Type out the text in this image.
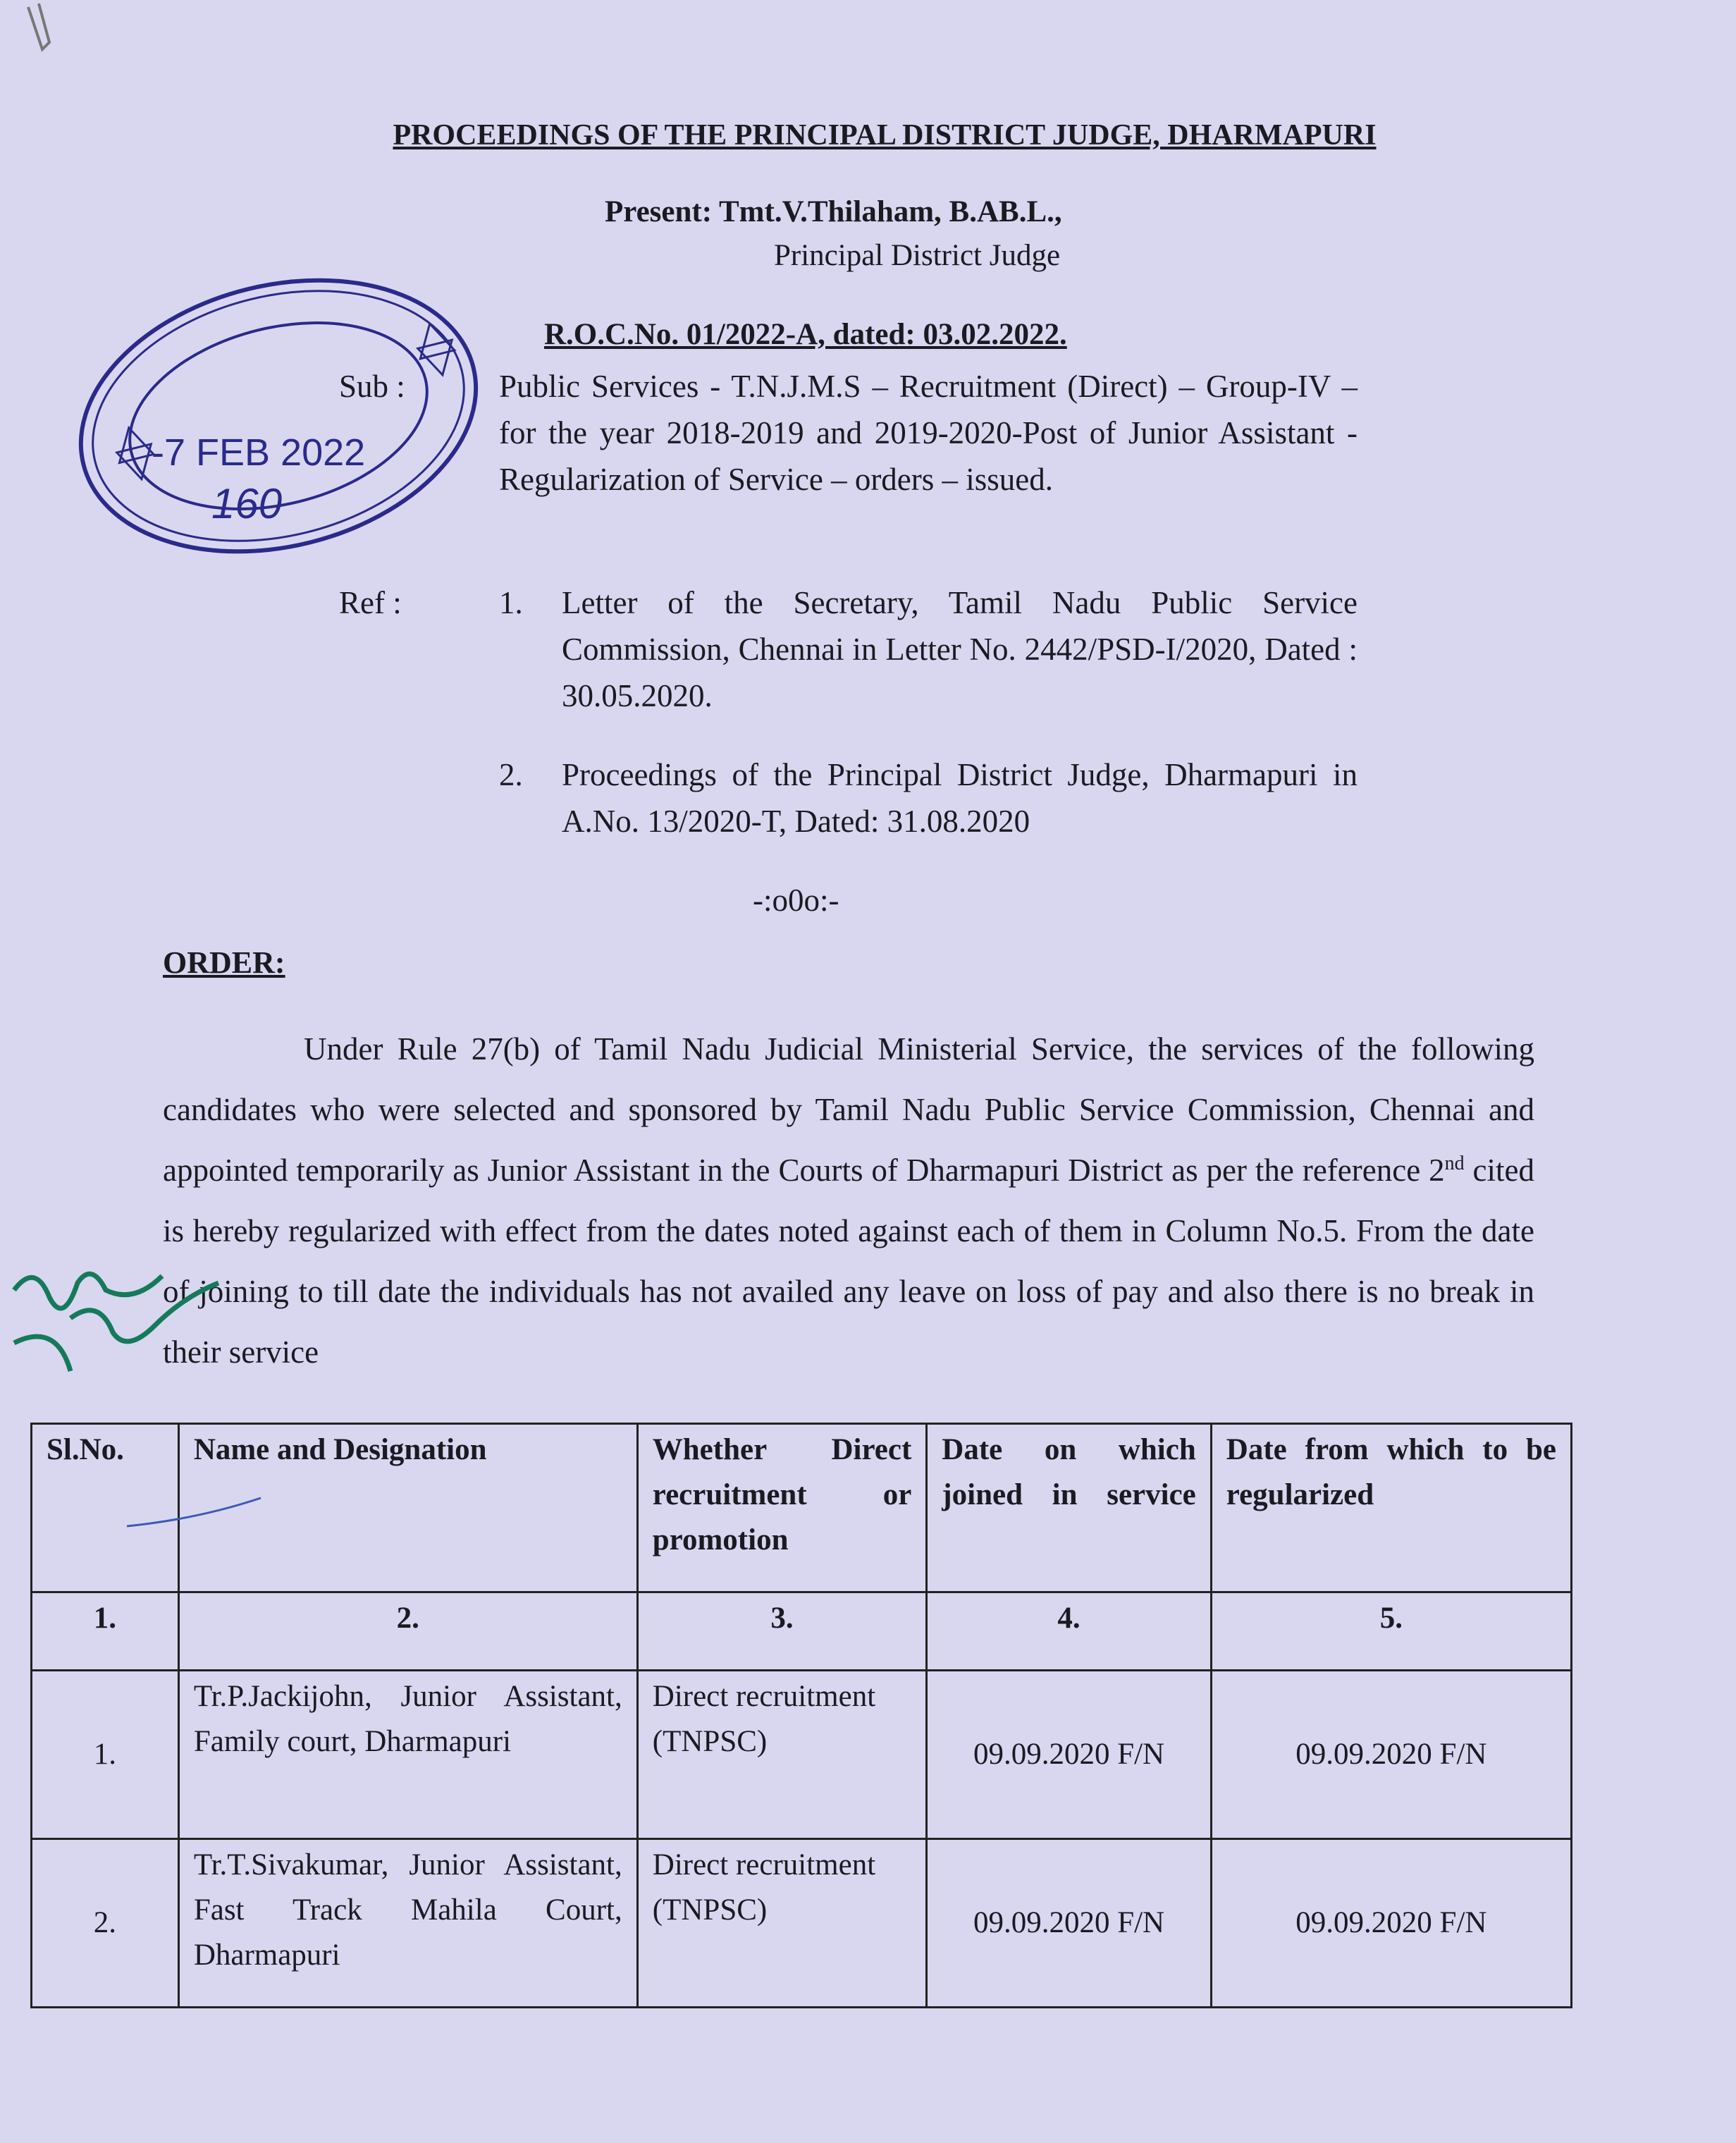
PROCEEDINGS OF THE PRINCIPAL DISTRICT JUDGE, DHARMAPURI
Present: Tmt.V.Thilaham, B.AB.L.,
Principal District Judge
R.O.C.No. 01/2022-A, dated: 03.02.2022.
Sub :	Public Services - T.N.J.M.S – Recruitment (Direct) – Group-IV – for the year 2018-2019 and 2019-2020-Post of Junior Assistant - Regularization of Service – orders – issued.
Ref :	1.	Letter of the Secretary, Tamil Nadu Public Service Commission, Chennai in Letter No. 2442/PSD-I/2020, Dated : 30.05.2020.
2.	Proceedings of the Principal District Judge, Dharmapuri in A.No. 13/2020-T, Dated: 31.08.2020
-:o0o:-
ORDER:
Under Rule 27(b) of Tamil Nadu Judicial Ministerial Service, the services of the following candidates who were selected and sponsored by Tamil Nadu Public Service Commission, Chennai and appointed temporarily as Junior Assistant in the Courts of Dharmapuri District as per the reference 2nd cited is hereby regularized with effect from the dates noted against each of them in Column No.5. From the date of joining to till date the individuals has not availed any leave on loss of pay and also there is no break in their service
Sl.No.	Name and Designation	Whether Direct recruitment or promotion	Date on which joined in service	Date from which to be regularized
1.	2.	3.	4.	5.
1.	Tr.P.Jackijohn, Junior Assistant, Family court, Dharmapuri	Direct recruitment (TNPSC)	09.09.2020 F/N	09.09.2020 F/N
2.	Tr.T.Sivakumar, Junior Assistant, Fast Track Mahila Court, Dharmapuri	Direct recruitment (TNPSC)	09.09.2020 F/N	09.09.2020 F/N
-7 FEB 2022
160
